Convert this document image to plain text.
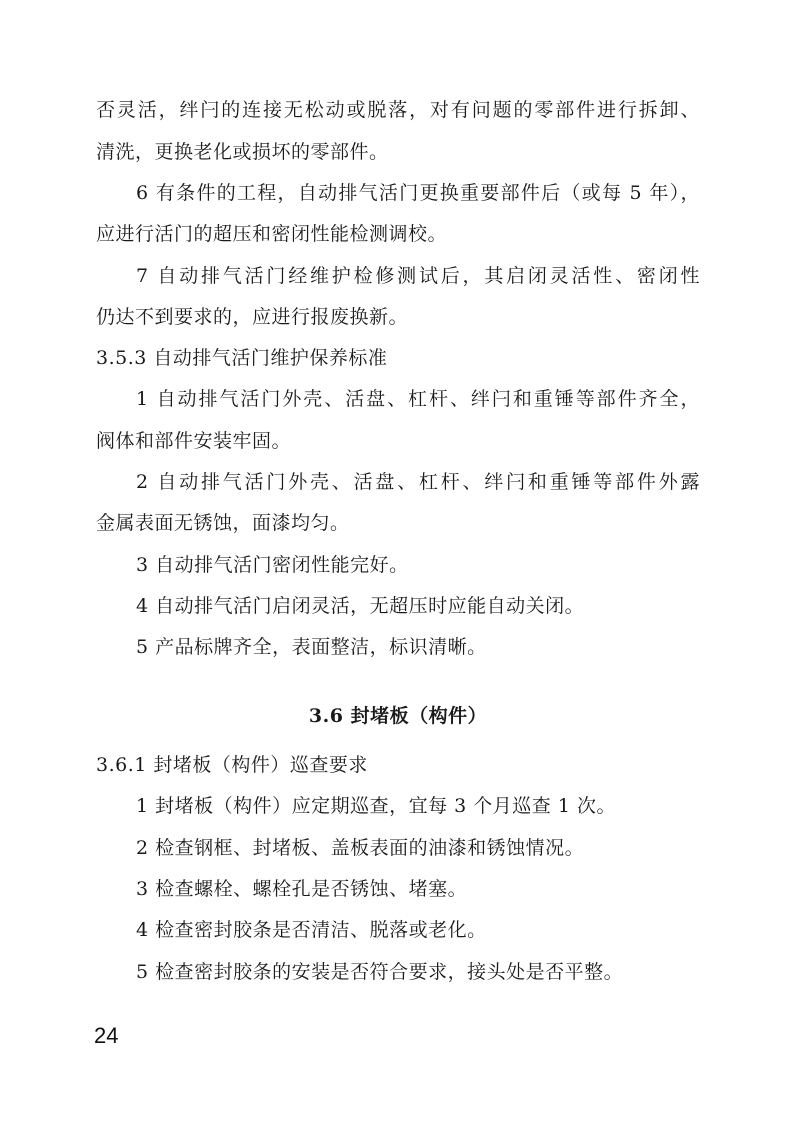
否灵活，绊闩的连接无松动或脱落，对有问题的零部件进行拆卸、
清洗，更换老化或损坏的零部件。
6 有条件的工程，自动排气活门更换重要部件后（或每 5 年），
应进行活门的超压和密闭性能检测调校。
7 自动排气活门经维护检修测试后，其启闭灵活性、密闭性
仍达不到要求的，应进行报废换新。
3.5.3 自动排气活门维护保养标准
1 自动排气活门外壳、活盘、杠杆、绊闩和重锤等部件齐全，
阀体和部件安装牢固。
2 自动排气活门外壳、活盘、杠杆、绊闩和重锤等部件外露
金属表面无锈蚀，面漆均匀。
3 自动排气活门密闭性能完好。
4 自动排气活门启闭灵活，无超压时应能自动关闭。
5 产品标牌齐全，表面整洁，标识清晰。
3.6 封堵板（构件）
3.6.1 封堵板（构件）巡查要求
1 封堵板（构件）应定期巡查，宜每 3 个月巡查 1 次。
2 检查钢框、封堵板、盖板表面的油漆和锈蚀情况。
3 检查螺栓、螺栓孔是否锈蚀、堵塞。
4 检查密封胶条是否清洁、脱落或老化。
5 检查密封胶条的安装是否符合要求，接头处是否平整。
24
